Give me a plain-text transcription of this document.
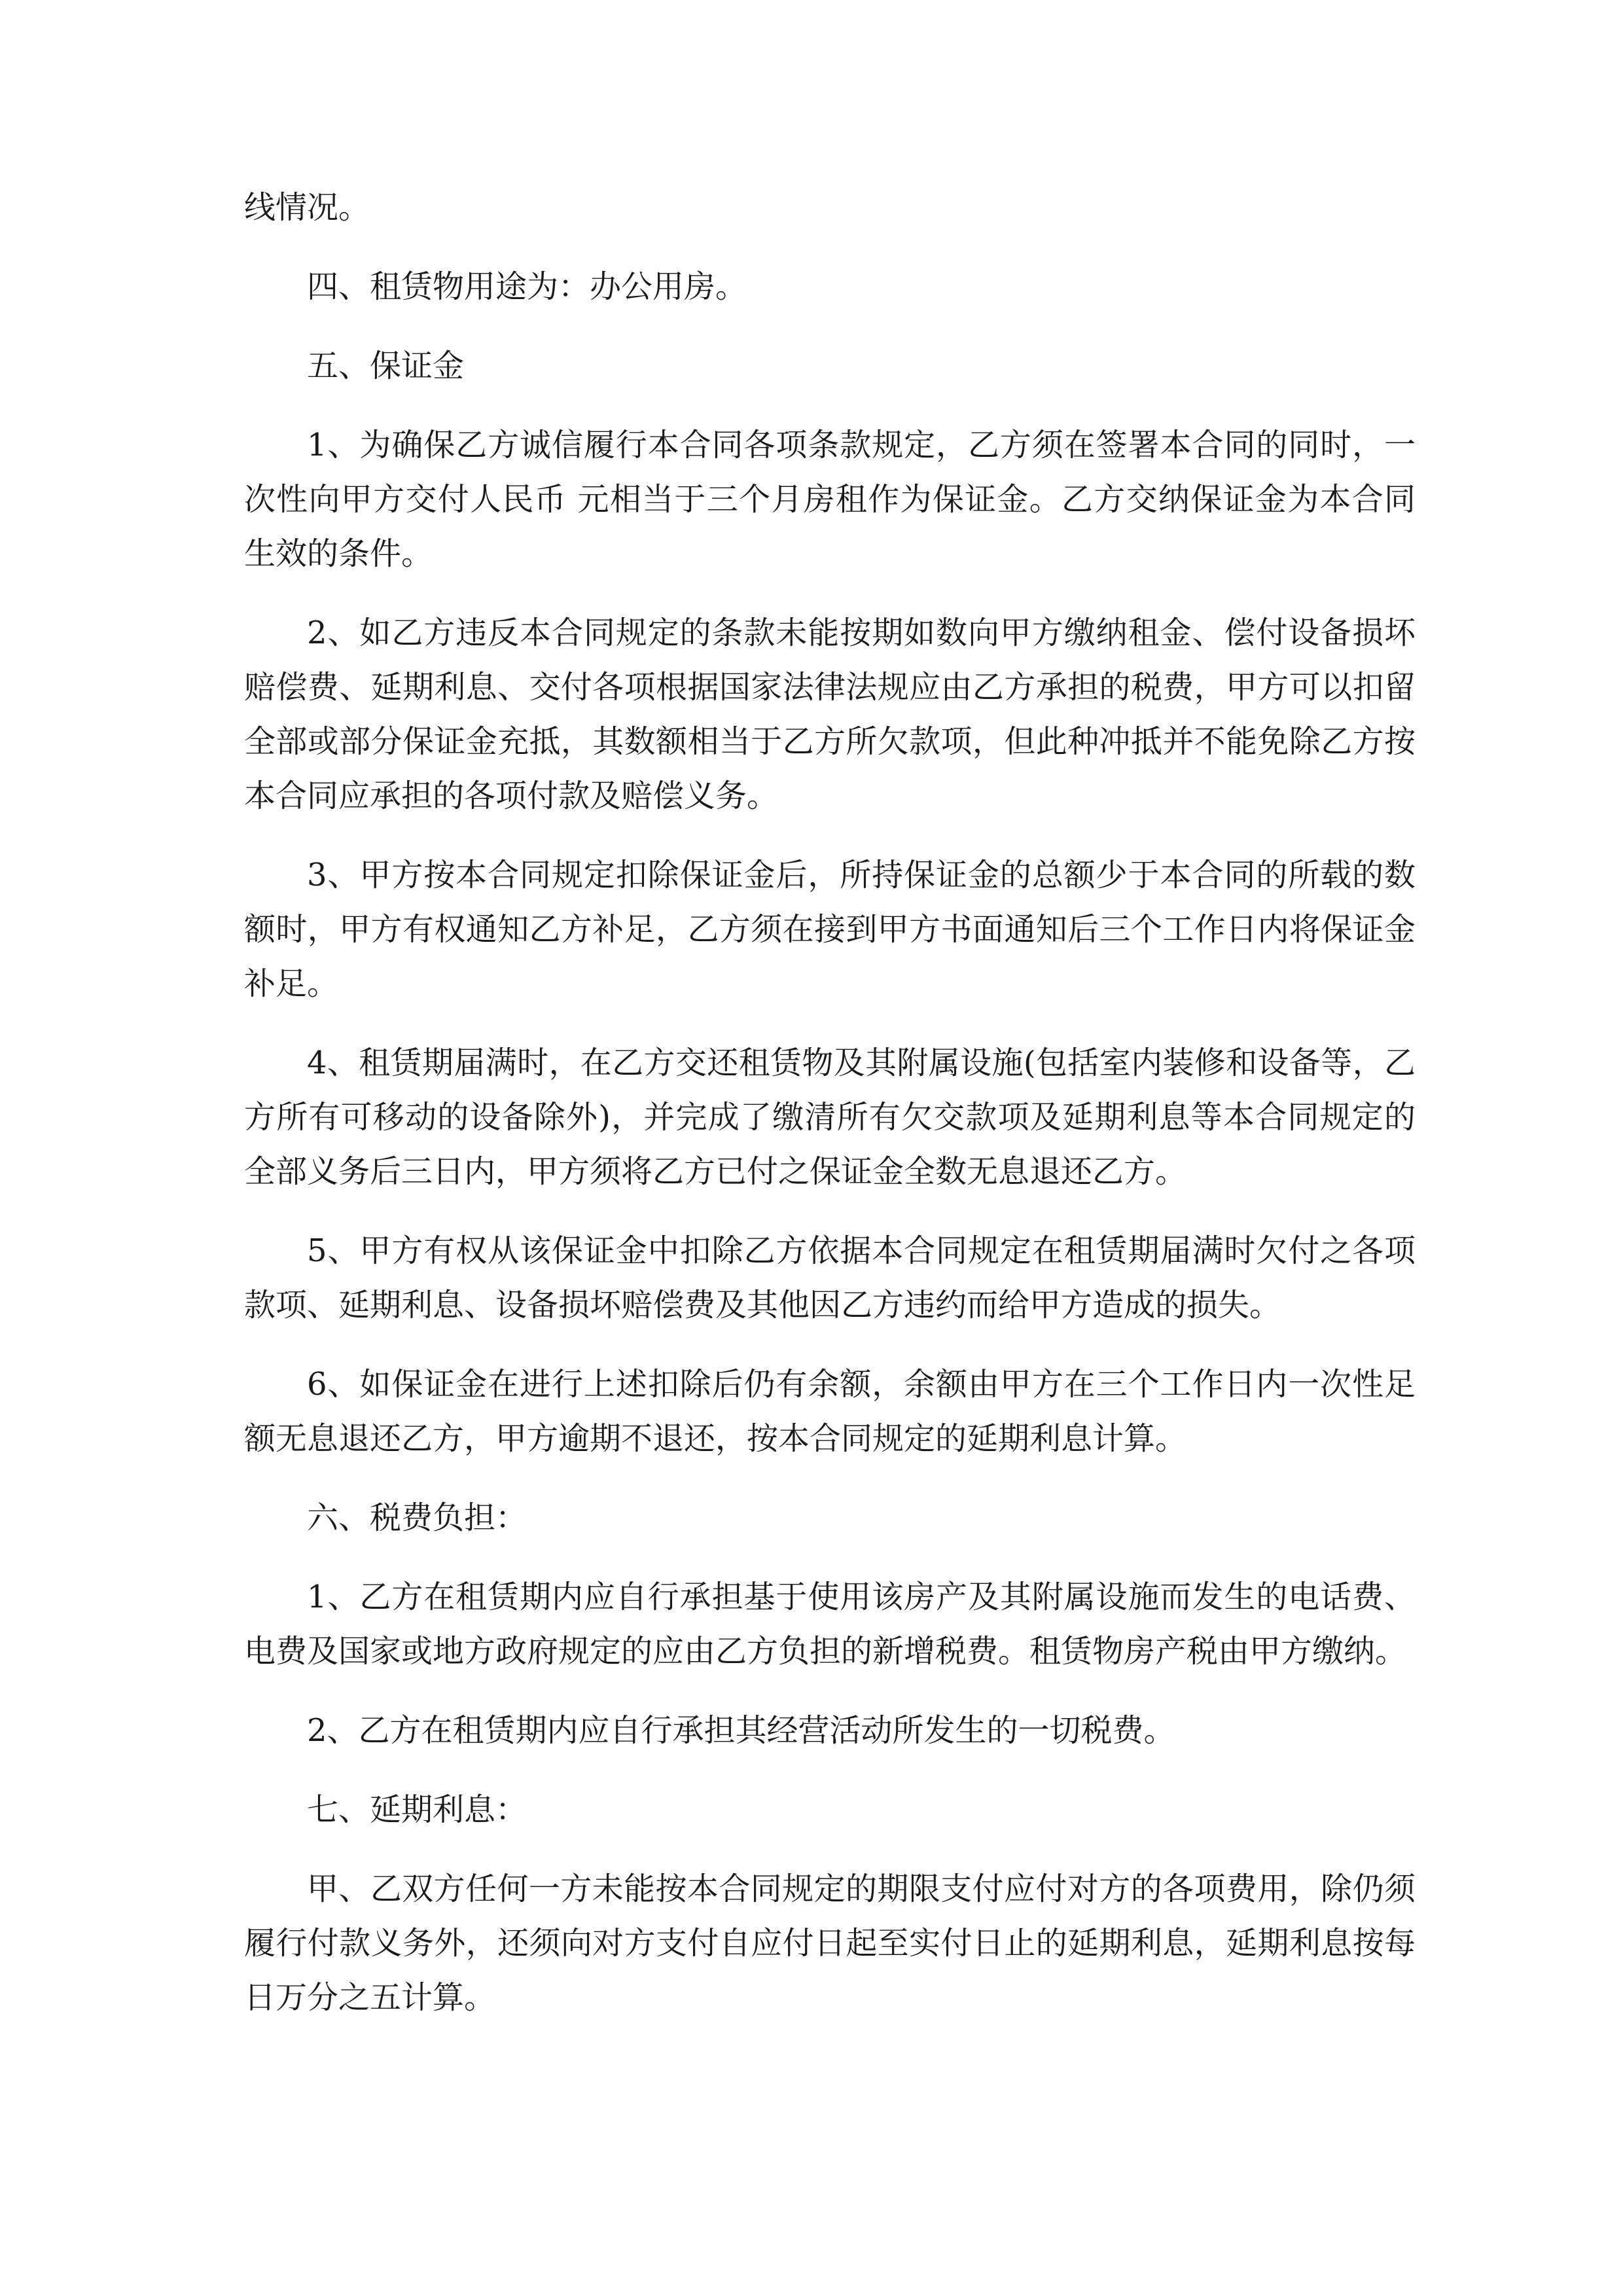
线情况。

四、租赁物用途为：办公用房。

五、保证金

1、为确保乙方诚信履行本合同各项条款规定，乙方须在签署本合同的同时，一次性向甲方交付人民币 元相当于三个月房租作为保证金。乙方交纳保证金为本合同生效的条件。

2、如乙方违反本合同规定的条款未能按期如数向甲方缴纳租金、偿付设备损坏赔偿费、延期利息、交付各项根据国家法律法规应由乙方承担的税费，甲方可以扣留全部或部分保证金充抵，其数额相当于乙方所欠款项，但此种冲抵并不能免除乙方按本合同应承担的各项付款及赔偿义务。

3、甲方按本合同规定扣除保证金后，所持保证金的总额少于本合同的所载的数额时，甲方有权通知乙方补足，乙方须在接到甲方书面通知后三个工作日内将保证金补足。

4、租赁期届满时，在乙方交还租赁物及其附属设施(包括室内装修和设备等，乙方所有可移动的设备除外)，并完成了缴清所有欠交款项及延期利息等本合同规定的全部义务后三日内，甲方须将乙方已付之保证金全数无息退还乙方。

5、甲方有权从该保证金中扣除乙方依据本合同规定在租赁期届满时欠付之各项款项、延期利息、设备损坏赔偿费及其他因乙方违约而给甲方造成的损失。

6、如保证金在进行上述扣除后仍有余额，余额由甲方在三个工作日内一次性足额无息退还乙方，甲方逾期不退还，按本合同规定的延期利息计算。

六、税费负担：

1、乙方在租赁期内应自行承担基于使用该房产及其附属设施而发生的电话费、电费及国家或地方政府规定的应由乙方负担的新增税费。租赁物房产税由甲方缴纳。

2、乙方在租赁期内应自行承担其经营活动所发生的一切税费。

七、延期利息：

甲、乙双方任何一方未能按本合同规定的期限支付应付对方的各项费用，除仍须履行付款义务外，还须向对方支付自应付日起至实付日止的延期利息，延期利息按每日万分之五计算。
